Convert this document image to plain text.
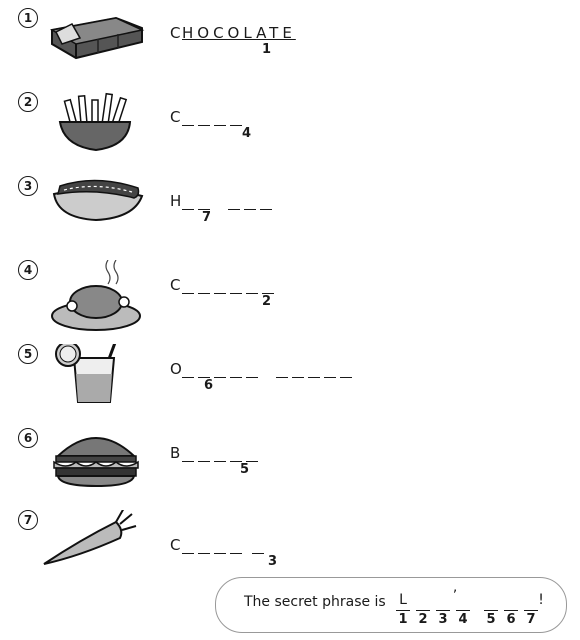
1
C HOCOLATE
1
2
C
4
3
H
7
4
C
2
5
O
6
6
B
5
7
C
3
The secret phrase is L
1 2 3
’
4 5 6 7
!
